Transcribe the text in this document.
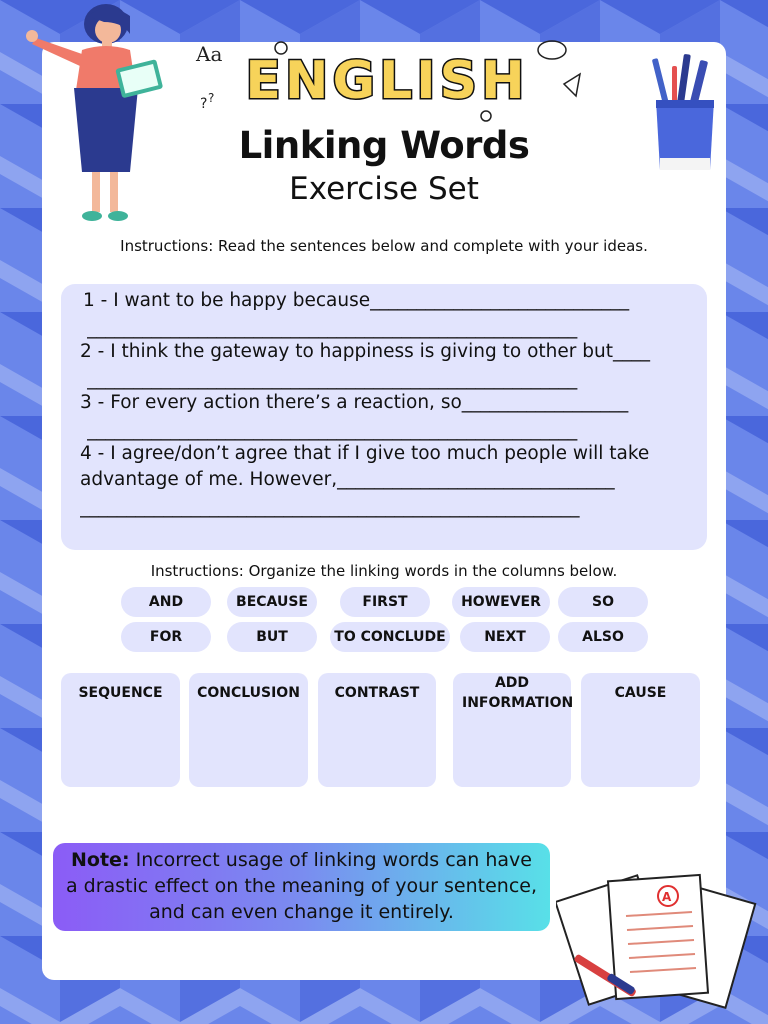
Aa
? ? ENGLISH
Linking Words
Exercise Set
Instructions: Read the sentences below and complete with your ideas.
1 - I want to be happy because____________________________
_____________________________________________________
2 - I think the gateway to happiness is giving to other but____
_____________________________________________________
3 - For every action there’s a reaction, so__________________
_____________________________________________________
4 - I agree/don’t agree that if I give too much people will take
advantage of me. However,______________________________
______________________________________________________
Instructions: Organize the linking words in the columns below.
AND	BECAUSE	FIRST	HOWEVER	SO
FOR	BUT	TO CONCLUDE	NEXT	ALSO
SEQUENCE	CONCLUSION	CONTRAST
ADD INFORMATION
CAUSE

Note: Incorrect usage of linking words can have a drastic effect on the meaning of your sentence, and can even change it entirely.

A
